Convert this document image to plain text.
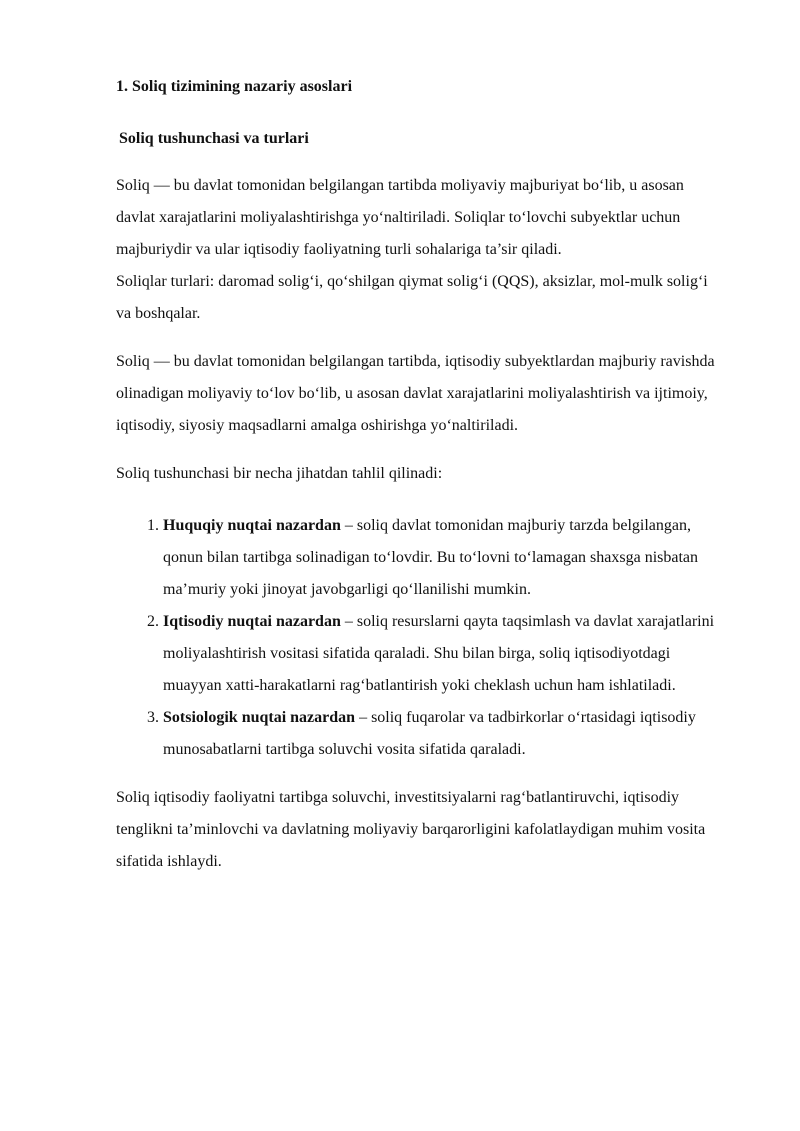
1. Soliq tizimining nazariy asoslari

Soliq tushunchasi va turlari

Soliq — bu davlat tomonidan belgilangan tartibda moliyaviy majburiyat bo‘lib, u asosan davlat xarajatlarini moliyalashtirishga yo‘naltiriladi. Soliqlar to‘lovchi subyektlar uchun majburiydir va ular iqtisodiy faoliyatning turli sohalariga ta’sir qiladi.

Soliqlar turlari: daromad solig‘i, qo‘shilgan qiymat solig‘i (QQS), aksizlar, mol-mulk solig‘i va boshqalar.

Soliq — bu davlat tomonidan belgilangan tartibda, iqtisodiy subyektlardan majburiy ravishda olinadigan moliyaviy to‘lov bo‘lib, u asosan davlat xarajatlarini moliyalashtirish va ijtimoiy, iqtisodiy, siyosiy maqsadlarni amalga oshirishga yo‘naltiriladi.

Soliq tushunchasi bir necha jihatdan tahlil qilinadi:

1. Huquqiy nuqtai nazardan – soliq davlat tomonidan majburiy tarzda belgilangan, qonun bilan tartibga solinadigan to‘lovdir. Bu to‘lovni to‘lamagan shaxsga nisbatan ma’muriy yoki jinoyat javobgarligi qo‘llanilishi mumkin.
2. Iqtisodiy nuqtai nazardan – soliq resurslarni qayta taqsimlash va davlat xarajatlarini moliyalashtirish vositasi sifatida qaraladi. Shu bilan birga, soliq iqtisodiyotdagi muayyan xatti-harakatlarni rag‘batlantirish yoki cheklash uchun ham ishlatiladi.
3. Sotsiologik nuqtai nazardan – soliq fuqarolar va tadbirkorlar o‘rtasidagi iqtisodiy munosabatlarni tartibga soluvchi vosita sifatida qaraladi.

Soliq iqtisodiy faoliyatni tartibga soluvchi, investitsiyalarni rag‘batlantiruvchi, iqtisodiy tenglikni ta’minlovchi va davlatning moliyaviy barqarorligini kafolatlaydigan muhim vosita sifatida ishlaydi.
